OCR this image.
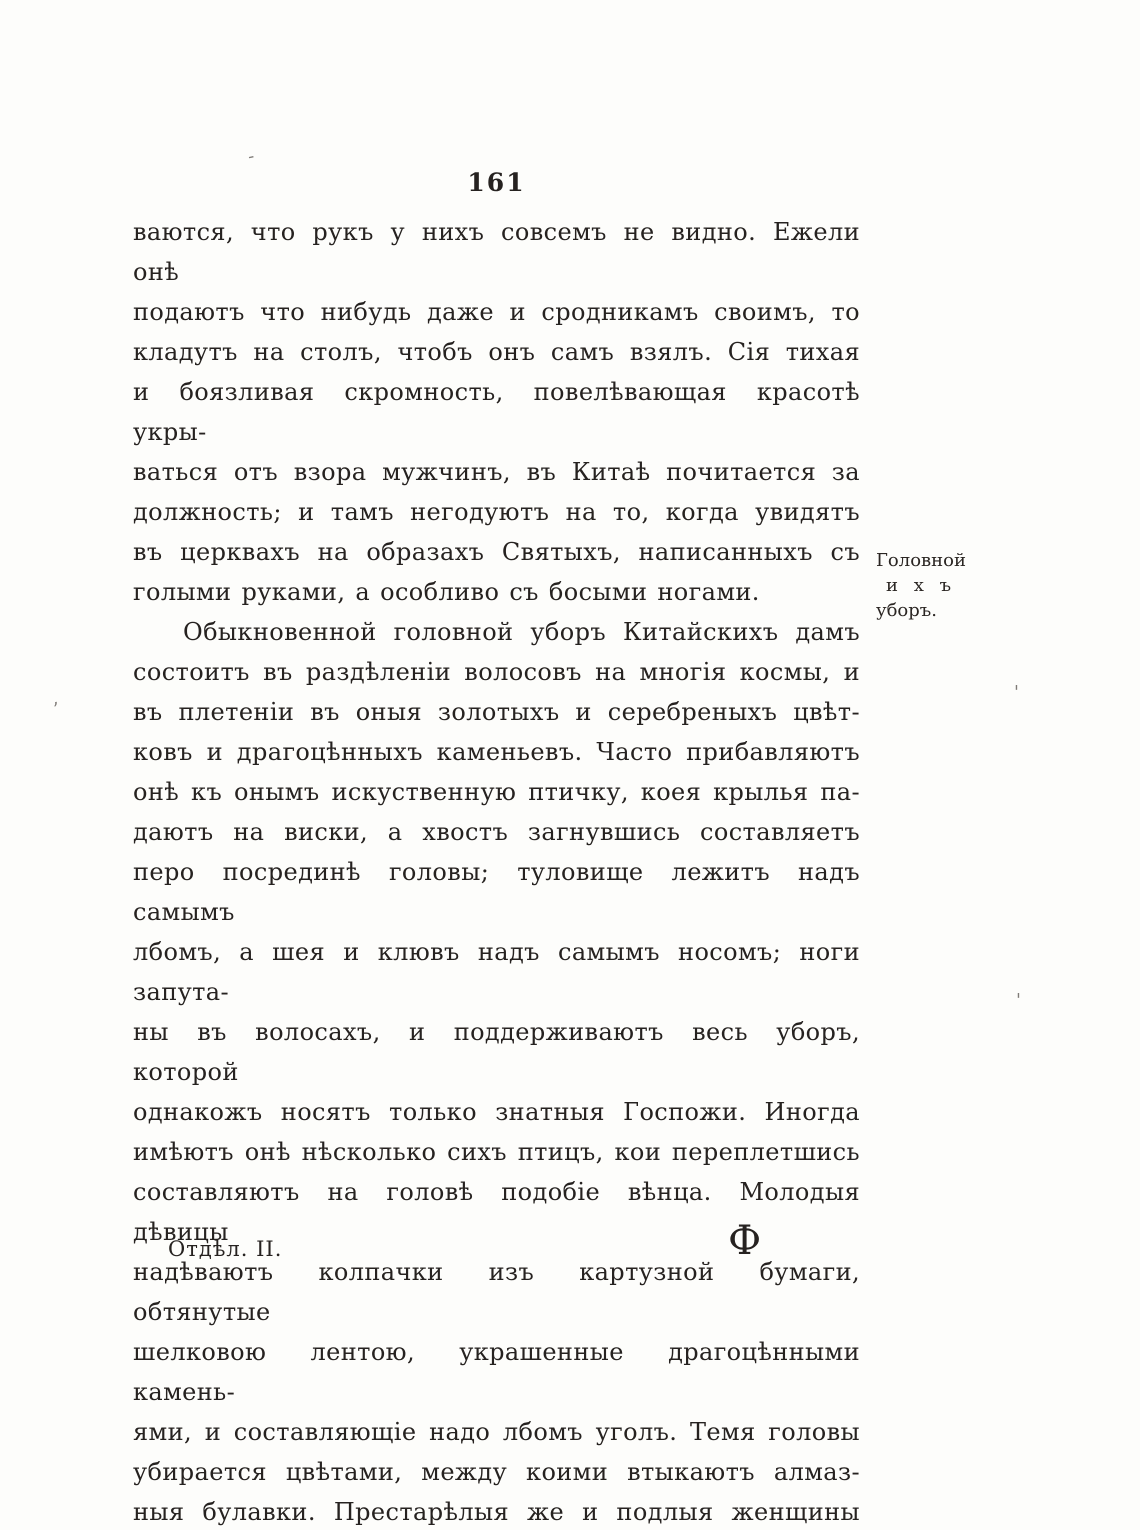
161
ваются, что рукъ у нихъ совсемъ не видно. Ежели онѣ
подаютъ что нибудь даже и сродникамъ своимъ, то
кладутъ на столъ, чтобъ онъ самъ взялъ. Сія тихая
и боязливая скромность, повелѣвающая красотѣ укры-
ваться отъ взора мужчинъ, въ Китаѣ почитается за
должность; и тамъ негодуютъ на то, когда увидятъ
въ церквахъ на образахъ Святыхъ, написанныхъ съ
голыми руками, а особливо съ босыми ногами.
Обыкновенной головной уборъ Китайскихъ дамъ
состоитъ въ раздѣленіи волосовъ на многія космы, и
въ плетеніи въ оныя золотыхъ и серебреныхъ цвѣт-
ковъ и драгоцѣнныхъ каменьевъ. Часто прибавляютъ
онѣ къ онымъ искуственную птичку, коея крылья па-
даютъ на виски, а хвостъ загнувшись составляетъ
перо посрединѣ головы; туловище лежитъ надъ самымъ
лбомъ, а шея и клювъ надъ самымъ носомъ; ноги запута-
ны въ волосахъ, и поддерживаютъ весь уборъ, которой
однакожъ носятъ только знатныя Госпожи. Иногда
имѣютъ онѣ нѣсколько сихъ птицъ, кои переплетшись
составляютъ на головѣ подобіе вѣнца. Молодыя дѣвицы
надѣваютъ колпачки изъ картузной бумаги, обтянутые
шелковою лентою, украшенные драгоцѣнными камень-
ями, и составляющіе надо лбомъ уголъ. Темя головы
убирается цвѣтами, между коими втыкаютъ алмаз-
ныя булавки. Престарѣлыя же и подлыя женщины
Головной
и х ъ
уборъ.
Отдѣл. II.	Ф
-
,	'
'
